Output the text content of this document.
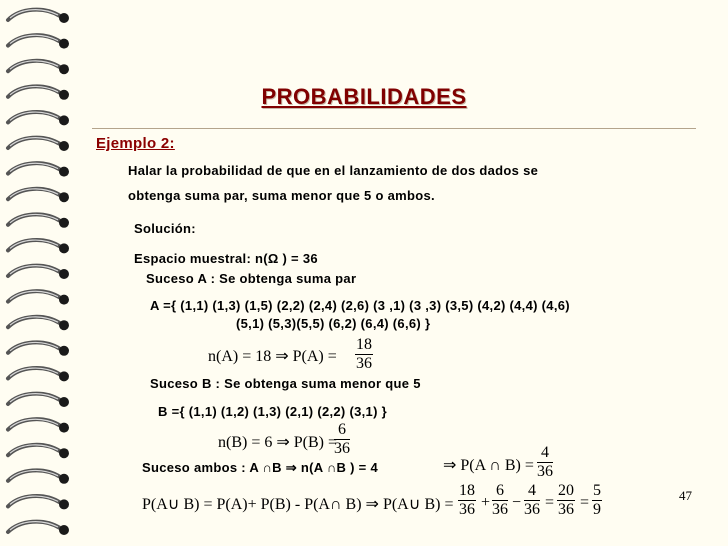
PROBABILIDADES
Ejemplo 2:
Halar la probabilidad de que en el lanzamiento de dos dados se
obtenga suma par, suma menor que 5 o ambos.
Solución:
Espacio muestral: n(Ω ) = 36
Suceso A : Se obtenga suma par
A ={ (1,1) (1,3) (1,5) (2,2) (2,4) (2,6) (3 ,1) (3 ,3) (3,5) (4,2) (4,4) (4,6)
(5,1) (5,3)(5,5) (6,2) (6,4) (6,6) }
n(A) = 18 ⇒ $P(A) = \frac{18}{36}$
Suceso B : Se obtenga suma menor que 5
B ={ (1,1) (1,2) (1,3) (2,1) (2,2) (3,1) }
n(B) = 6 ⇒ P(B) =
$\frac{6}{36}$
Suceso ambos : A ∩B ⇒ n(A ∩B ) = 4	⇒ P(A ∩ $B) = \frac{4}{36}$
P(A∪ B) = P(A)+ P(B) - P(A∩ B) ⇒ P(A∪ $B) = \frac{18}{36} + \frac{6}{36} - \frac{4}{36} = \frac{20}{36} = \frac{5}{9}$	47
